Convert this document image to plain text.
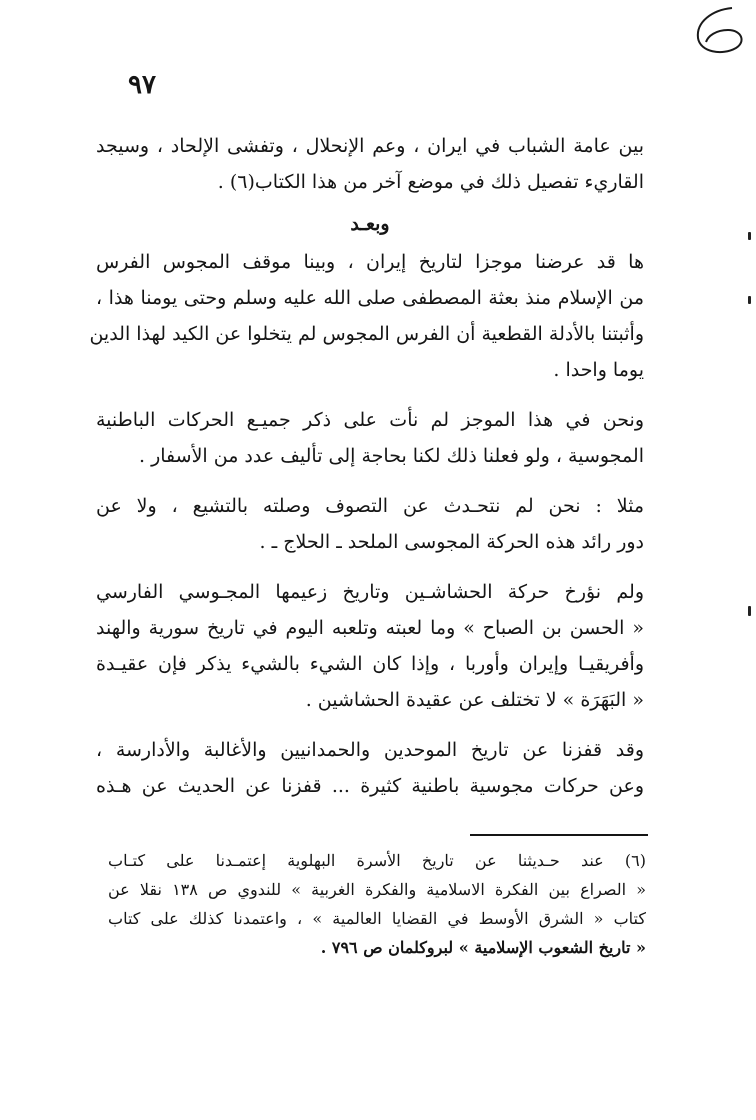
٩٧
بين عامة الشباب في ايران ، وعم الإنحلال ، وتفشى الإلحاد ، وسيجد
القاريء تفصيل ذلك في موضع آخر من هذا الكتاب(٦) .
وبعـد
ها قد عرضنا موجزا لتاريخ إيران ، وبينا موقف المجوس الفرس
من الإسلام منذ بعثة المصطفى صلى الله عليه وسلم وحتى يومنا هذا ،
وأثبتنا بالأدلة القطعية أن الفرس المجوس لم يتخلوا عن الكيد لهذا الدين
يوما واحدا .
ونحن في هذا الموجز لم نأت على ذكر جميـع الحركات الباطنية
المجوسية ، ولو فعلنا ذلك لكنا بحاجة إلى تأليف عدد من الأسفار .
مثلا : نحن لم نتحـدث عن التصوف وصلته بالتشيع ، ولا عن
دور رائد هذه الحركة المجوسى الملحد ـ الحلاج ـ .
ولم نؤرخ حركة الحشاشـين وتاريخ زعيمها المجـوسي الفارسي
« الحسن بن الصباح » وما لعبته وتلعبه اليوم في تاريخ سورية والهند
وأفريقيـا وإيران وأوربا ، وإذا كان الشيء بالشيء يذكر فإن عقيـدة
« البَهَرَة » لا تختلف عن عقيدة الحشاشين .
وقد قفزنا عن تاريخ الموحدين والحمدانيين والأغالبة والأدارسة ،
وعن حركات مجوسية باطنية كثيرة ... قفزنا عن الحديث عن هـذه
(٦) عند حـديثنا عن تاريخ الأسرة البهلوية إعتمـدنا على كتـاب
« الصراع بين الفكرة الاسلامية والفكرة الغربية » للندوي ص ١٣٨ نقلا عن
كتاب « الشرق الأوسط في القضايا العالمية » ، واعتمدنا كذلك على كتاب
« تاريخ الشعوب الإسلامية » لبروكلمان ص ٧٩٦ .
